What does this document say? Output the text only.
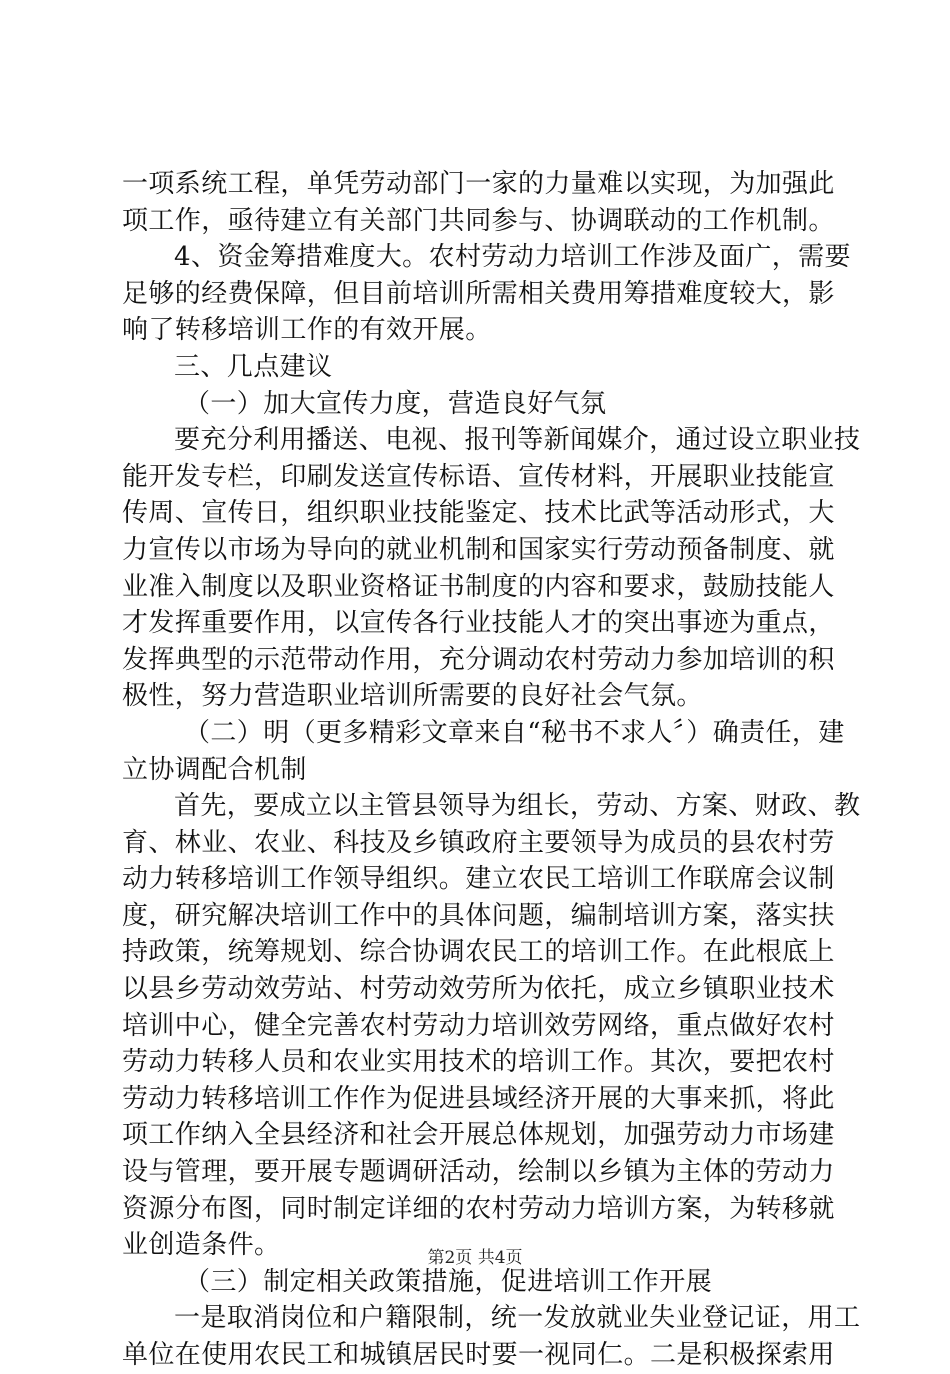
一项系统工程，单凭劳动部门一家的力量难以实现，为加强此
项工作，亟待建立有关部门共同参与、协调联动的工作机制。
4、资金筹措难度大。农村劳动力培训工作涉及面广，需要
足够的经费保障，但目前培训所需相关费用筹措难度较大，影
响了转移培训工作的有效开展。
三、几点建议
（一）加大宣传力度，营造良好气氛
要充分利用播送、电视、报刊等新闻媒介，通过设立职业技
能开发专栏，印刷发送宣传标语、宣传材料，开展职业技能宣
传周、宣传日，组织职业技能鉴定、技术比武等活动形式，大
力宣传以市场为导向的就业机制和国家实行劳动预备制度、就
业准入制度以及职业资格证书制度的内容和要求，鼓励技能人
才发挥重要作用，以宣传各行业技能人才的突出事迹为重点，
发挥典型的示范带动作用，充分调动农村劳动力参加培训的积
极性，努力营造职业培训所需要的良好社会气氛。
（二）明（更多精彩文章来自“秘书不求人〞）确责任，建
立协调配合机制
首先，要成立以主管县领导为组长，劳动、方案、财政、教
育、林业、农业、科技及乡镇政府主要领导为成员的县农村劳
动力转移培训工作领导组织。建立农民工培训工作联席会议制
度，研究解决培训工作中的具体问题，编制培训方案，落实扶
持政策，统筹规划、综合协调农民工的培训工作。在此根底上
以县乡劳动效劳站、村劳动效劳所为依托，成立乡镇职业技术
培训中心，健全完善农村劳动力培训效劳网络，重点做好农村
劳动力转移人员和农业实用技术的培训工作。其次，要把农村
劳动力转移培训工作作为促进县域经济开展的大事来抓，将此
项工作纳入全县经济和社会开展总体规划，加强劳动力市场建
设与管理，要开展专题调研活动，绘制以乡镇为主体的劳动力
资源分布图，同时制定详细的农村劳动力培训方案，为转移就
业创造条件。
（三）制定相关政策措施，促进培训工作开展
一是取消岗位和户籍限制，统一发放就业失业登记证，用工
单位在使用农民工和城镇居民时要一视同仁。二是积极探索用
第2页 共4页
